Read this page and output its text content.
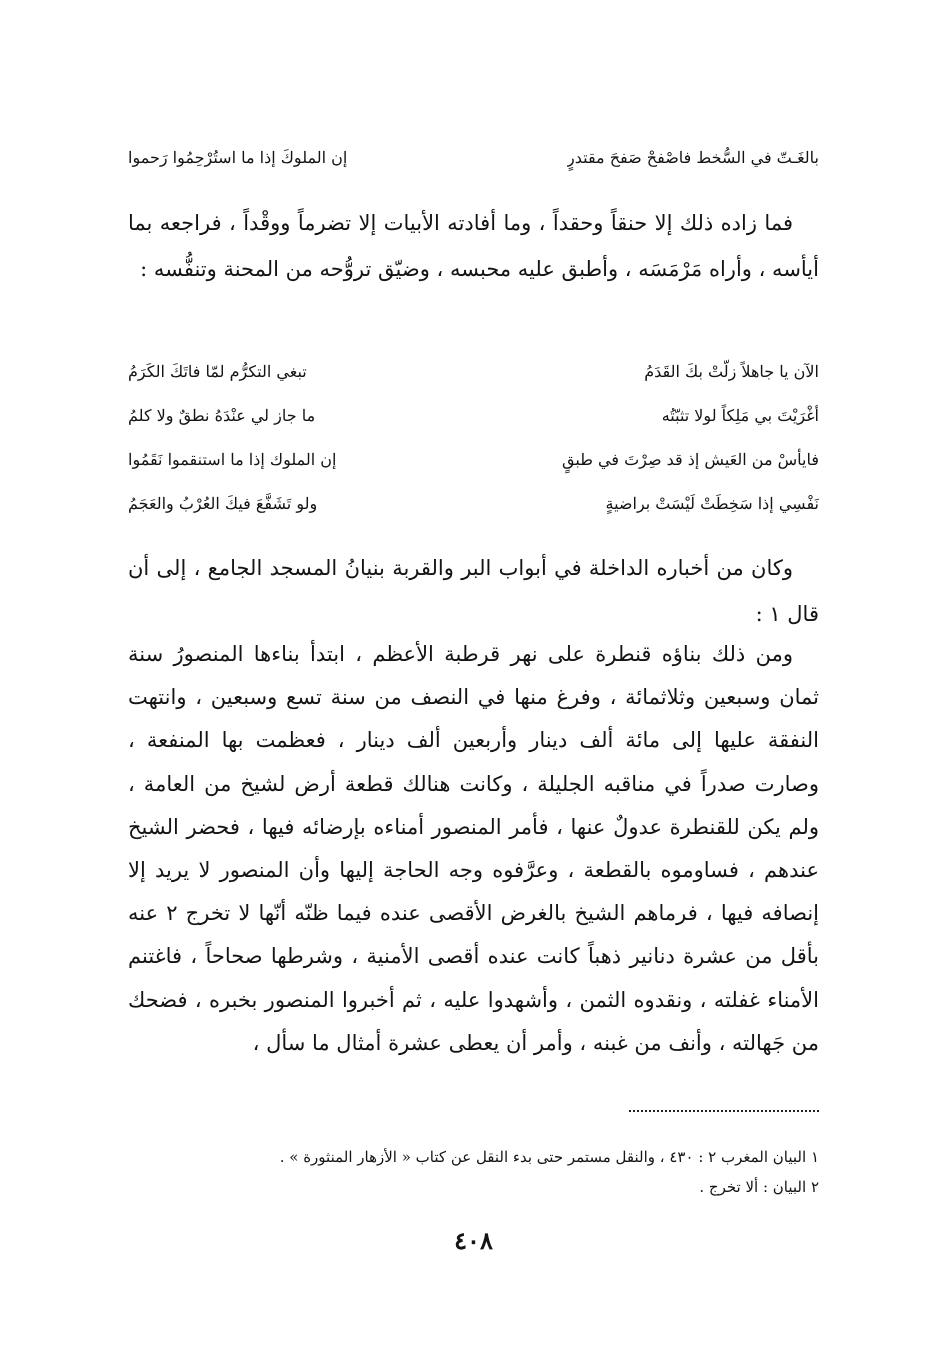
بالغَـتّ في السُّخط فاصْفحْ صَفحَ مقتدرٍ
إن الملوكَ إذا ما استُرْحِمُوا رَحموا

فما زاده ذلك إلا حنقاً وحقداً ، وما أفادته الأبيات إلا تضرماً ووقْداً ، فراجعه بما أيأسه ، وأراه مَرْمَسَه ، وأطبق عليه محبسه ، وضيّق تروُّحه من المحنة وتنفُّسه :

الآن يا جاهلاً زلّتْ بكَ القَدَمُ
تبغي التكرُّم لمّا فاتَكَ الكَرَمُ
أغْرَيْتَ بي مَلِكاً لولا تثبّتُه
ما جاز لي عنْدَهُ نطقٌ ولا كلمُ
فايأسْ من العَيش إذ قد صِرْتَ في طبقٍ
إن الملوك إذا ما استنقموا نَقَمُوا
نَفْسِي إذا سَخِطَتْ لَيْسَتْ براضيةٍ
ولو تَشَفَّعَ فيكَ العُرْبُ والعَجَمُ

وكان من أخباره الداخلة في أبواب البر والقربة بنيانُ المسجد الجامع ، إلى أن قال ١ :

ومن ذلك بناؤه قنطرة على نهر قرطبة الأعظم ، ابتدأ بناءها المنصورُ سنة ثمان وسبعين وثلاثمائة ، وفرغ منها في النصف من سنة تسع وسبعين ، وانتهت النفقة عليها إلى مائة ألف دينار وأربعين ألف دينار ، فعظمت بها المنفعة ، وصارت صدراً في مناقبه الجليلة ، وكانت هنالك قطعة أرض لشيخ من العامة ، ولم يكن للقنطرة عدولٌ عنها ، فأمر المنصور أمناءه بإرضائه فيها ، فحضر الشيخ عندهم ، فساوموه بالقطعة ، وعرَّفوه وجه الحاجة إليها وأن المنصور لا يريد إلا إنصافه فيها ، فرماهم الشيخ بالغرض الأقصى عنده فيما ظنّه أنّها لا تخرج ٢ عنه بأقل من عشرة دنانير ذهباً كانت عنده أقصى الأمنية ، وشرطها صحاحاً ، فاغتنم الأمناء غفلته ، ونقدوه الثمن ، وأشهدوا عليه ، ثم أخبروا المنصور بخبره ، فضحك من جَهالته ، وأنف من غبنه ، وأمر أن يعطى عشرة أمثال ما سأل ،

١ البيان المغرب ٢ : ٤٣٠ ، والنقل مستمر حتى بدء النقل عن كتاب « الأزهار المنثورة » .
٢ البيان : ألا تخرج .
٤٠٨
